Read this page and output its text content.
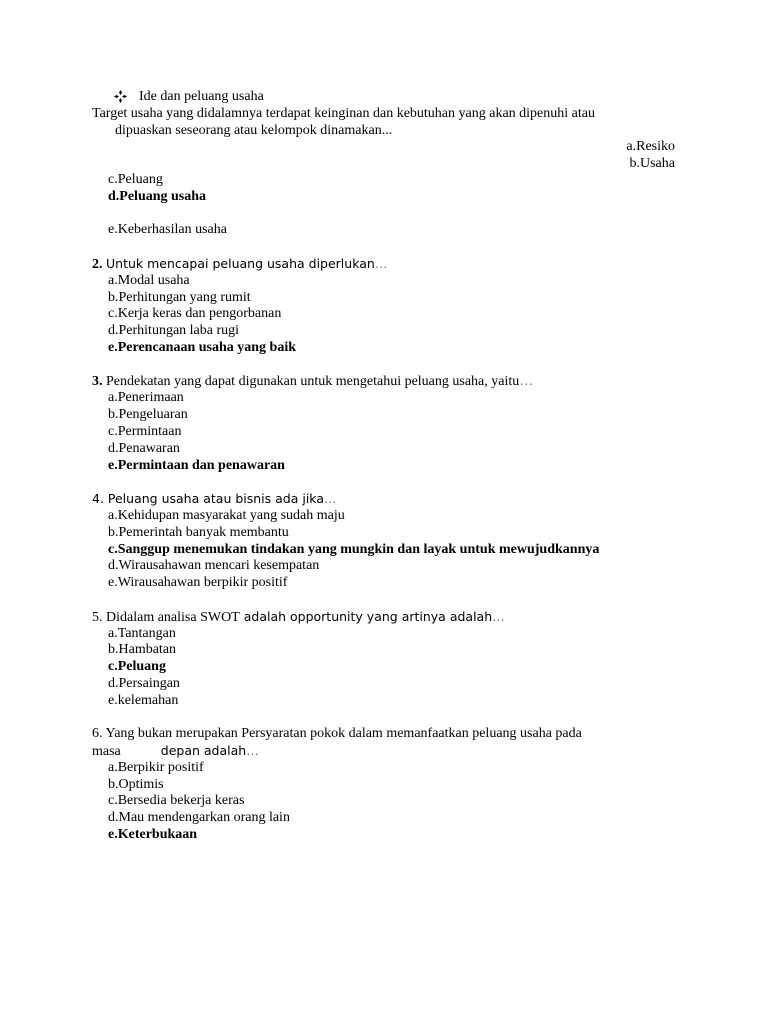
Ide dan peluang usaha
Target usaha yang didalamnya terdapat keinginan dan kebutuhan yang akan dipenuhi atau
dipuaskan seseorang atau kelompok dinamakan...
a.Resiko
b.Usaha
c.Peluang
d.Peluang usaha
e.Keberhasilan usaha
2. Untuk mencapai peluang usaha diperlukan…
a.Modal usaha
b.Perhitungan yang rumit
c.Kerja keras dan pengorbanan
d.Perhitungan laba rugi
e.Perencanaan usaha yang baik
3. Pendekatan yang dapat digunakan untuk mengetahui peluang usaha, yaitu…
a.Penerimaan
b.Pengeluaran
c.Permintaan
d.Penawaran
e.Permintaan dan penawaran
4. Peluang usaha atau bisnis ada jika…
a.Kehidupan masyarakat yang sudah maju
b.Pemerintah banyak membantu
c.Sanggup menemukan tindakan yang mungkin dan layak untuk mewujudkannya
d.Wirausahawan mencari kesempatan
e.Wirausahawan berpikir positif
5. Didalam analisa SWOT adalah opportunity yang artinya adalah…
a.Tantangan
b.Hambatan
c.Peluang
d.Persaingan
e.kelemahan
6. Yang bukan merupakan Persyaratan pokok dalam memanfaatkan peluang usaha pada
masa	depan adalah…
a.Berpikir positif
b.Optimis
c.Bersedia bekerja keras
d.Mau mendengarkan orang lain
e.Keterbukaan
